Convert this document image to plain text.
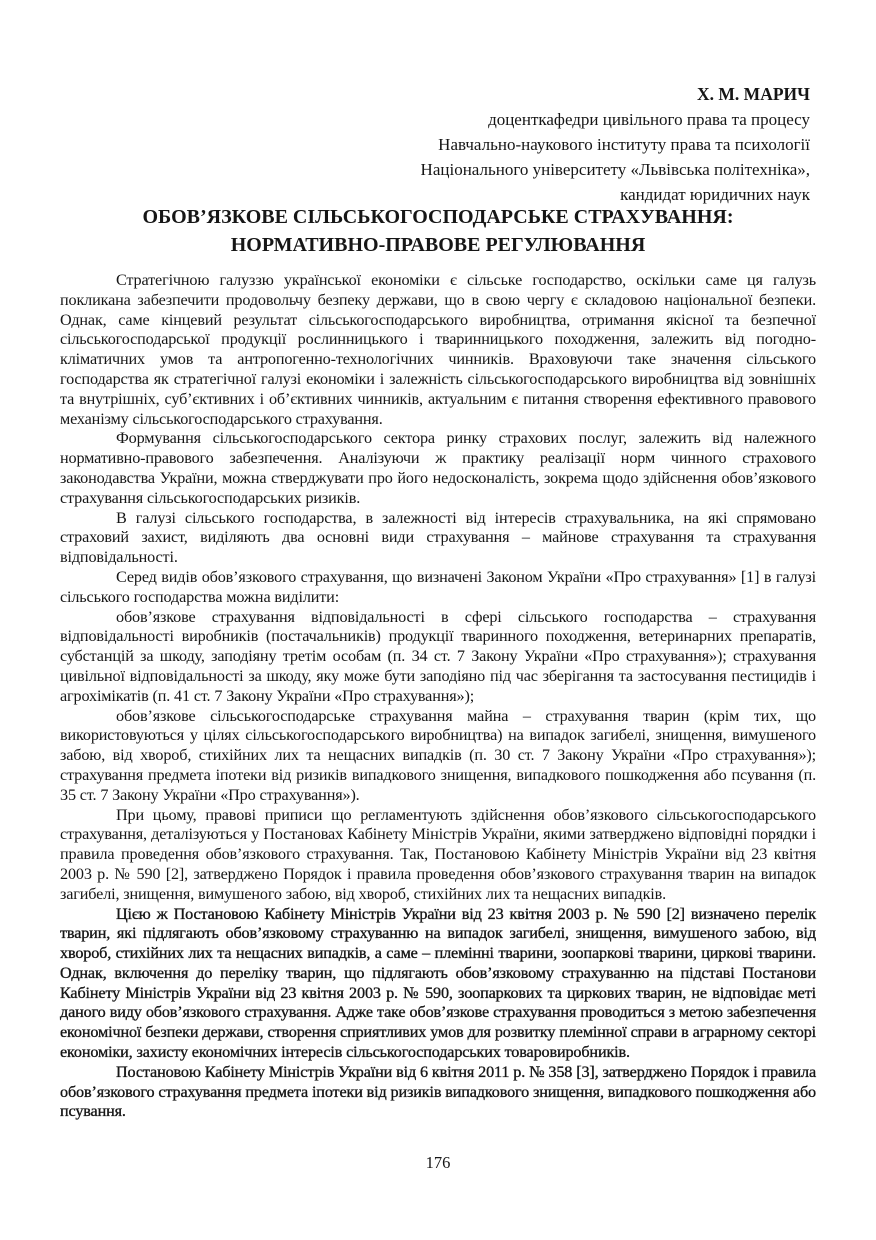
Х. М. МАРИЧ
доценткафедри цивільного права та процесу
Навчально-наукового інституту права та психології
Національного університету «Львівська політехніка»,
кандидат юридичних наук
ОБОВ’ЯЗКОВЕ СІЛЬСЬКОГОСПОДАРСЬКЕ СТРАХУВАННЯ:
НОРМАТИВНО-ПРАВОВЕ РЕГУЛЮВАННЯ

Стратегічною галуззю української економіки є сільське господарство, оскільки саме ця галузь покликана забезпечити продовольчу безпеку держави, що в свою чергу є складовою національної безпеки. Однак, саме кінцевий результат сільськогосподарського виробництва, отримання якісної та безпечної сільськогосподарської продукції рослинницького і тваринницького походження, залежить від погодно-кліматичних умов та антропогенно-технологічних чинників. Враховуючи таке значення сільського господарства як стратегічної галузі економіки і залежність сільськогосподарського виробництва від зовнішніх та внутрішніх, суб’єктивних і об’єктивних чинників, актуальним є питання створення ефективного правового механізму сільськогосподарського страхування.

Формування сільськогосподарського сектора ринку страхових послуг, залежить від належного нормативно-правового забезпечення. Аналізуючи ж практику реалізації норм чинного страхового законодавства України, можна стверджувати про його недосконалість, зокрема щодо здійснення обов’язкового страхування сільськогосподарських ризиків.

В галузі сільського господарства, в залежності від інтересів страхувальника, на які спрямовано страховий захист, виділяють два основні види страхування – майнове страхування та страхування відповідальності.

Серед видів обов’язкового страхування, що визначені Законом України «Про страхування» [1] в галузі сільського господарства можна виділити:

обов’язкове страхування відповідальності в сфері сільського господарства – страхування відповідальності виробників (постачальників) продукції тваринного походження, ветеринарних препаратів, субстанцій за шкоду, заподіяну третім особам (п. 34 ст. 7 Закону України «Про страхування»); страхування цивільної відповідальності за шкоду, яку може бути заподіяно під час зберігання та застосування пестицидів і агрохімікатів (п. 41 ст. 7 Закону України «Про страхування»);

обов’язкове сільськогосподарське страхування майна – страхування тварин (крім тих, що використовуються у цілях сільськогосподарського виробництва) на випадок загибелі, знищення, вимушеного забою, від хвороб, стихійних лих та нещасних випадків (п. 30 ст. 7 Закону України «Про страхування»); страхування предмета іпотеки від ризиків випадкового знищення, випадкового пошкодження або псування (п. 35 ст. 7 Закону України «Про страхування»).

При цьому, правові приписи що регламентують здійснення обов’язкового сільськогосподарського страхування, деталізуються у Постановах Кабінету Міністрів України, якими затверджено відповідні порядки і правила проведення обов’язкового страхування. Так, Постановою Кабінету Міністрів України від 23 квітня 2003 р. № 590 [2], затверджено Порядок і правила проведення обов’язкового страхування тварин на випадок загибелі, знищення, вимушеного забою, від хвороб, стихійних лих та нещасних випадків.

Цією ж Постановою Кабінету Міністрів України від 23 квітня 2003 р. № 590 [2] визначено перелік тварин, які підлягають обов’язковому страхуванню на випадок загибелі, знищення, вимушеного забою, від хвороб, стихійних лих та нещасних випадків, а саме – племінні тварини, зоопаркові тварини, циркові тварини. Однак, включення до переліку тварин, що підлягають обов’язковому страхуванню на підставі Постанови Кабінету Міністрів України від 23 квітня 2003 р. № 590, зоопаркових та циркових тварин, не відповідає меті даного виду обов’язкового страхування. Адже таке обов’язкове страхування проводиться з метою забезпечення економічної безпеки держави, створення сприятливих умов для розвитку племінної справи в аграрному секторі економіки, захисту економічних інтересів сільськогосподарських товаровиробників.

Постановою Кабінету Міністрів України від 6 квітня 2011 р. № 358 [3], затверджено Порядок і правила обов’язкового страхування предмета іпотеки від ризиків випадкового знищення, випадкового пошкодження або псування.

176
